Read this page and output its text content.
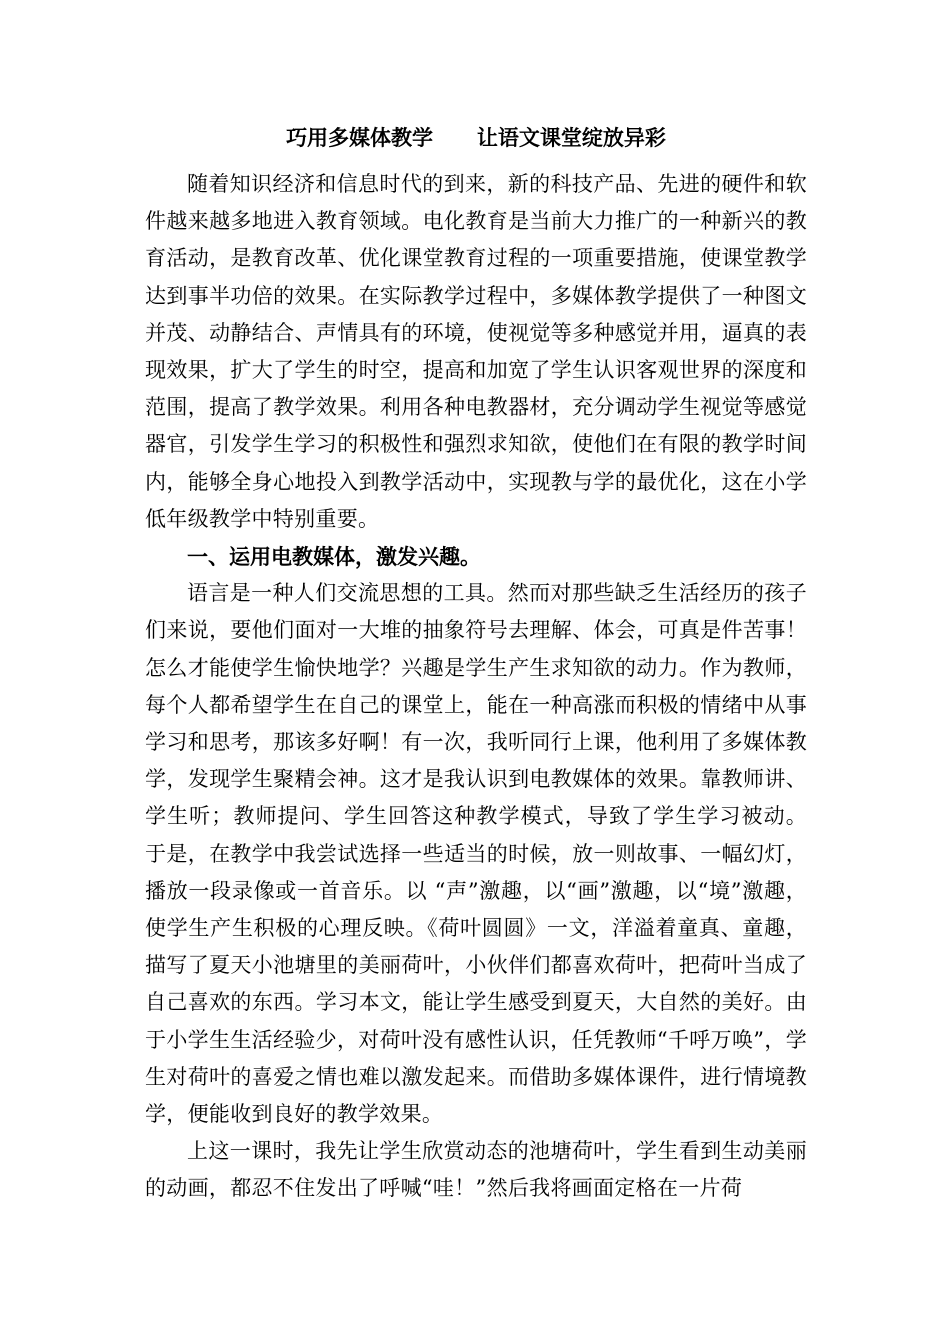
巧用多媒体教学      让语文课堂绽放异彩

随着知识经济和信息时代的到来，新的科技产品、先进的硬件和软件越来越多地进入教育领域。电化教育是当前大力推广的一种新兴的教育活动，是教育改革、优化课堂教育过程的一项重要措施，使课堂教学达到事半功倍的效果。在实际教学过程中，多媒体教学提供了一种图文并茂、动静结合、声情具有的环境，使视觉等多种感觉并用，逼真的表现效果，扩大了学生的时空，提高和加宽了学生认识客观世界的深度和范围，提高了教学效果。利用各种电教器材，充分调动学生视觉等感觉器官，引发学生学习的积极性和强烈求知欲，使他们在有限的教学时间内，能够全身心地投入到教学活动中，实现教与学的最优化，这在小学低年级教学中特别重要。

一、运用电教媒体，激发兴趣。

语言是一种人们交流思想的工具。然而对那些缺乏生活经历的孩子们来说，要他们面对一大堆的抽象符号去理解、体会，可真是件苦事！怎么才能使学生愉快地学？兴趣是学生产生求知欲的动力。作为教师，每个人都希望学生在自己的课堂上，能在一种高涨而积极的情绪中从事学习和思考，那该多好啊！有一次，我听同行上课，他利用了多媒体教学，发现学生聚精会神。这才是我认识到电教媒体的效果。靠教师讲、学生听；教师提问、学生回答这种教学模式，导致了学生学习被动。 于是，在教学中我尝试选择一些适当的时候，放一则故事、一幅幻灯，播放一段录像或一首音乐。以 “声”激趣，以“画”激趣，以“境”激趣，使学生产生积极的心理反映。《荷叶圆圆》一文，洋溢着童真、童趣，描写了夏天小池塘里的美丽荷叶，小伙伴们都喜欢荷叶，把荷叶当成了自己喜欢的东西。学习本文，能让学生感受到夏天，大自然的美好。由于小学生生活经验少，对荷叶没有感性认识，任凭教师“千呼万唤”，学生对荷叶的喜爱之情也难以激发起来。而借助多媒体课件，进行情境教学，便能收到良好的教学效果。

上这一课时，我先让学生欣赏动态的池塘荷叶，学生看到生动美丽的动画，都忍不住发出了呼喊“哇！”然后我将画面定格在一片荷
